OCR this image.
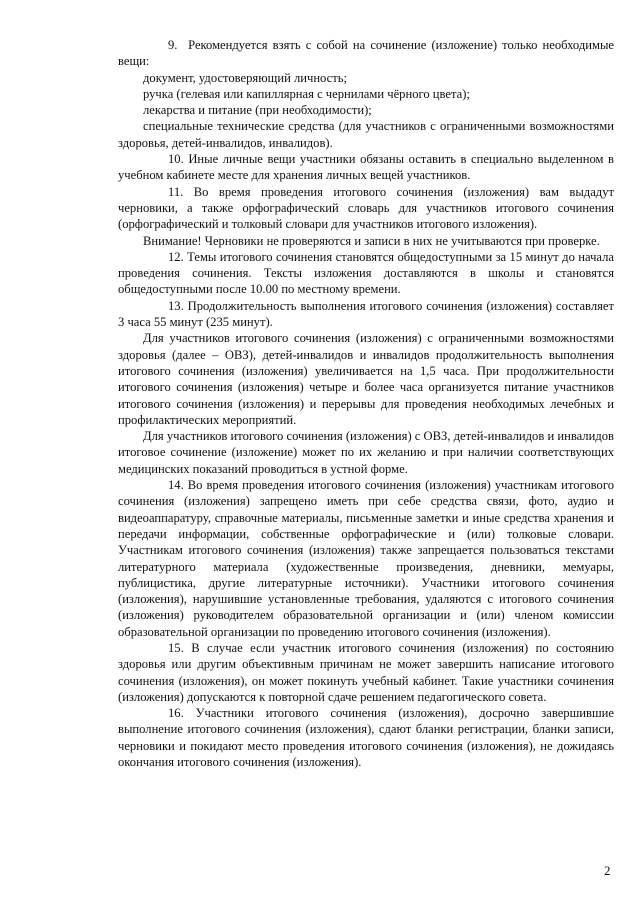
9. Рекомендуется взять с собой на сочинение (изложение) только необходимые вещи:

документ, удостоверяющий личность;

ручка (гелевая или капиллярная с чернилами чёрного цвета);

лекарства и питание (при необходимости);

специальные технические средства (для участников с ограниченными возможностями здоровья, детей-инвалидов, инвалидов).

10. Иные личные вещи участники обязаны оставить в специально выделенном в учебном кабинете месте для хранения личных вещей участников.

11. Во время проведения итогового сочинения (изложения) вам выдадут черновики, а также орфографический словарь для участников итогового сочинения (орфографический и толковый словари для участников итогового изложения).

Внимание! Черновики не проверяются и записи в них не учитываются при проверке.

12. Темы итогового сочинения становятся общедоступными за 15 минут до начала проведения сочинения. Тексты изложения доставляются в школы и становятся общедоступными после 10.00 по местному времени.

13. Продолжительность выполнения итогового сочинения (изложения) составляет 3 часа 55 минут (235 минут).

Для участников итогового сочинения (изложения) с ограниченными возможностями здоровья (далее – ОВЗ), детей-инвалидов и инвалидов продолжительность выполнения итогового сочинения (изложения) увеличивается на 1,5 часа. При продолжительности итогового сочинения (изложения) четыре и более часа организуется питание участников итогового сочинения (изложения) и перерывы для проведения необходимых лечебных и профилактических мероприятий.

Для участников итогового сочинения (изложения) с ОВЗ, детей-инвалидов и инвалидов итоговое сочинение (изложение) может по их желанию и при наличии соответствующих медицинских показаний проводиться в устной форме.

14. Во время проведения итогового сочинения (изложения) участникам итогового сочинения (изложения) запрещено иметь при себе средства связи, фото, аудио и видеоаппаратуру, справочные материалы, письменные заметки и иные средства хранения и передачи информации, собственные орфографические и (или) толковые словари. Участникам итогового сочинения (изложения) также запрещается пользоваться текстами литературного материала (художественные произведения, дневники, мемуары, публицистика, другие литературные источники). Участники итогового сочинения (изложения), нарушившие установленные требования, удаляются с итогового сочинения (изложения) руководителем образовательной организации и (или) членом комиссии образовательной организации по проведению итогового сочинения (изложения).

15. В случае если участник итогового сочинения (изложения) по состоянию здоровья или другим объективным причинам не может завершить написание итогового сочинения (изложения), он может покинуть учебный кабинет. Такие участники сочинения (изложения) допускаются к повторной сдаче решением педагогического совета.

16. Участники итогового сочинения (изложения), досрочно завершившие выполнение итогового сочинения (изложения), сдают бланки регистрации, бланки записи, черновики и покидают место проведения итогового сочинения (изложения), не дожидаясь окончания итогового сочинения (изложения).

2
